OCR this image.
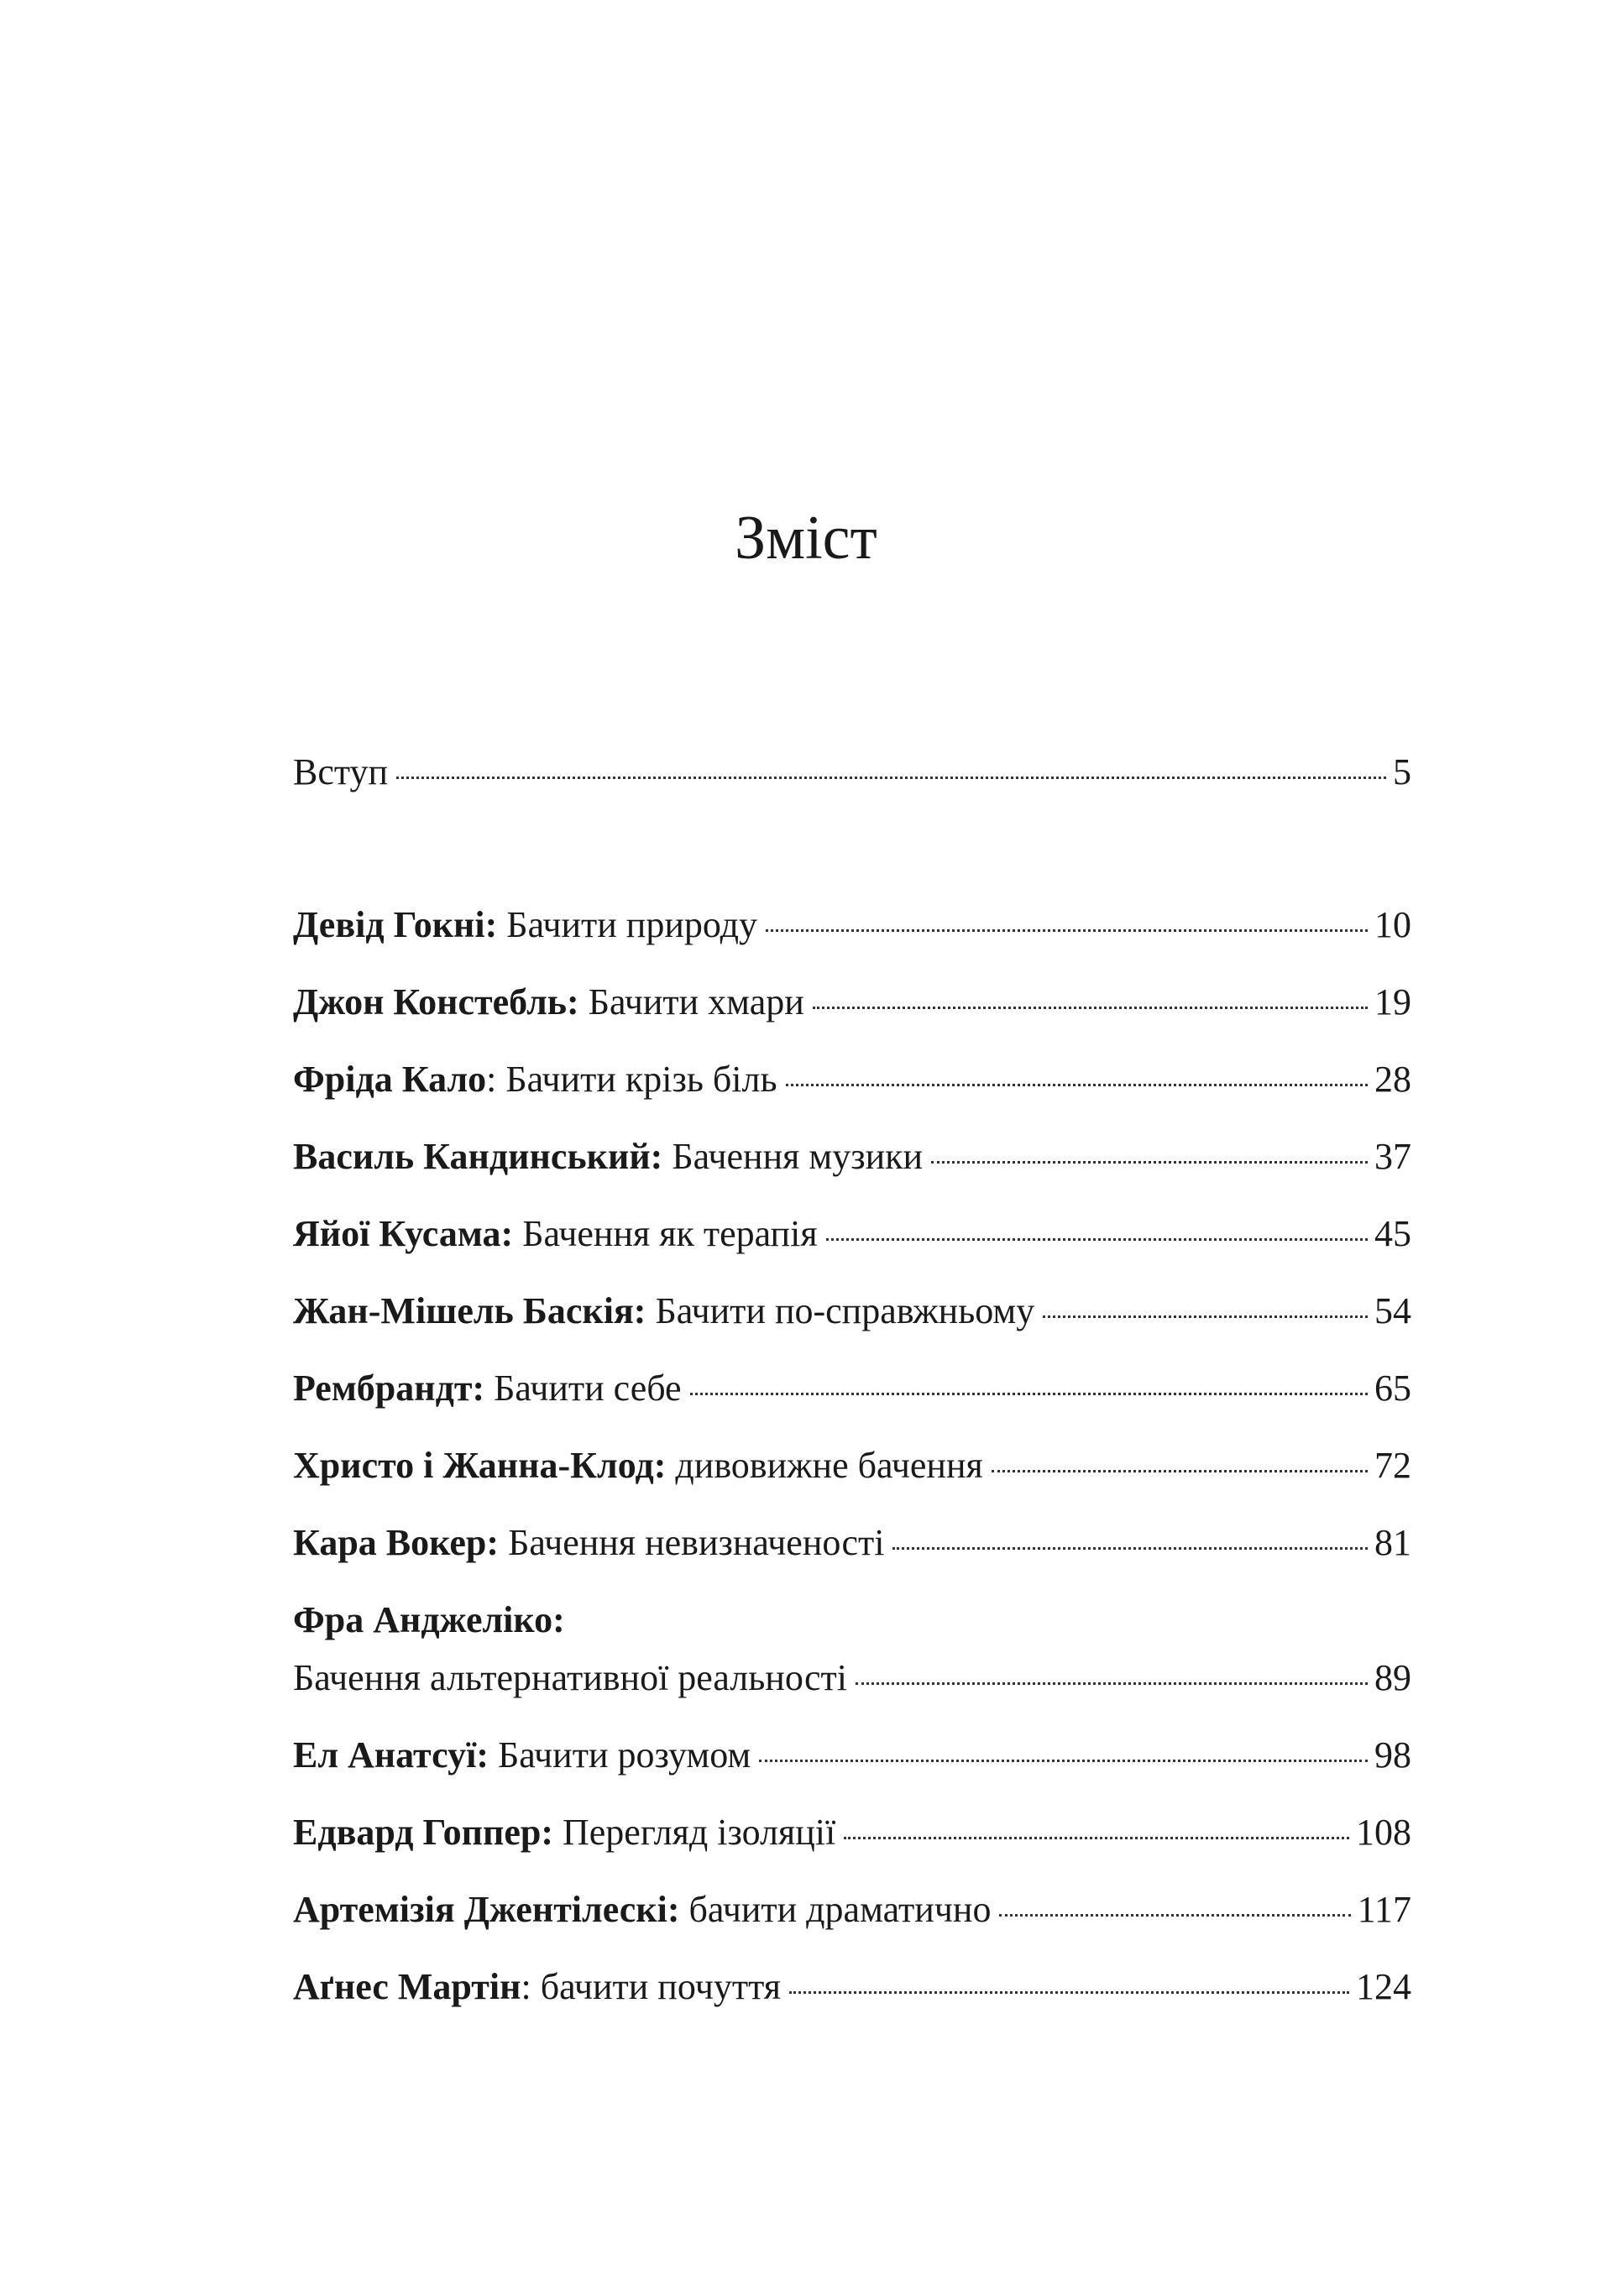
Зміст
Вступ	5
Девід Гокні: Бачити природу	10
Джон Констебль: Бачити хмари	19
Фріда Кало : Бачити крізь біль	28
Василь Кандинський: Бачення музики	37
Яйої Кусама: Бачення як терапія	45
Жан-Мішель Баскія: Бачити по-справжньому	54
Рембрандт: Бачити себе	65
Христо і Жанна-Клод: дивовижне бачення	72
Кара Вокер: Бачення невизначеності	81
Фра Анджеліко:
Бачення альтернативної реальності	89
Ел Анатсуї: Бачити розумом	98
Едвард Гоппер: Перегляд ізоляції	108
Артемізія Джентілескі: бачити драматично	117
Аґнес Мартін : бачити почуття	124
